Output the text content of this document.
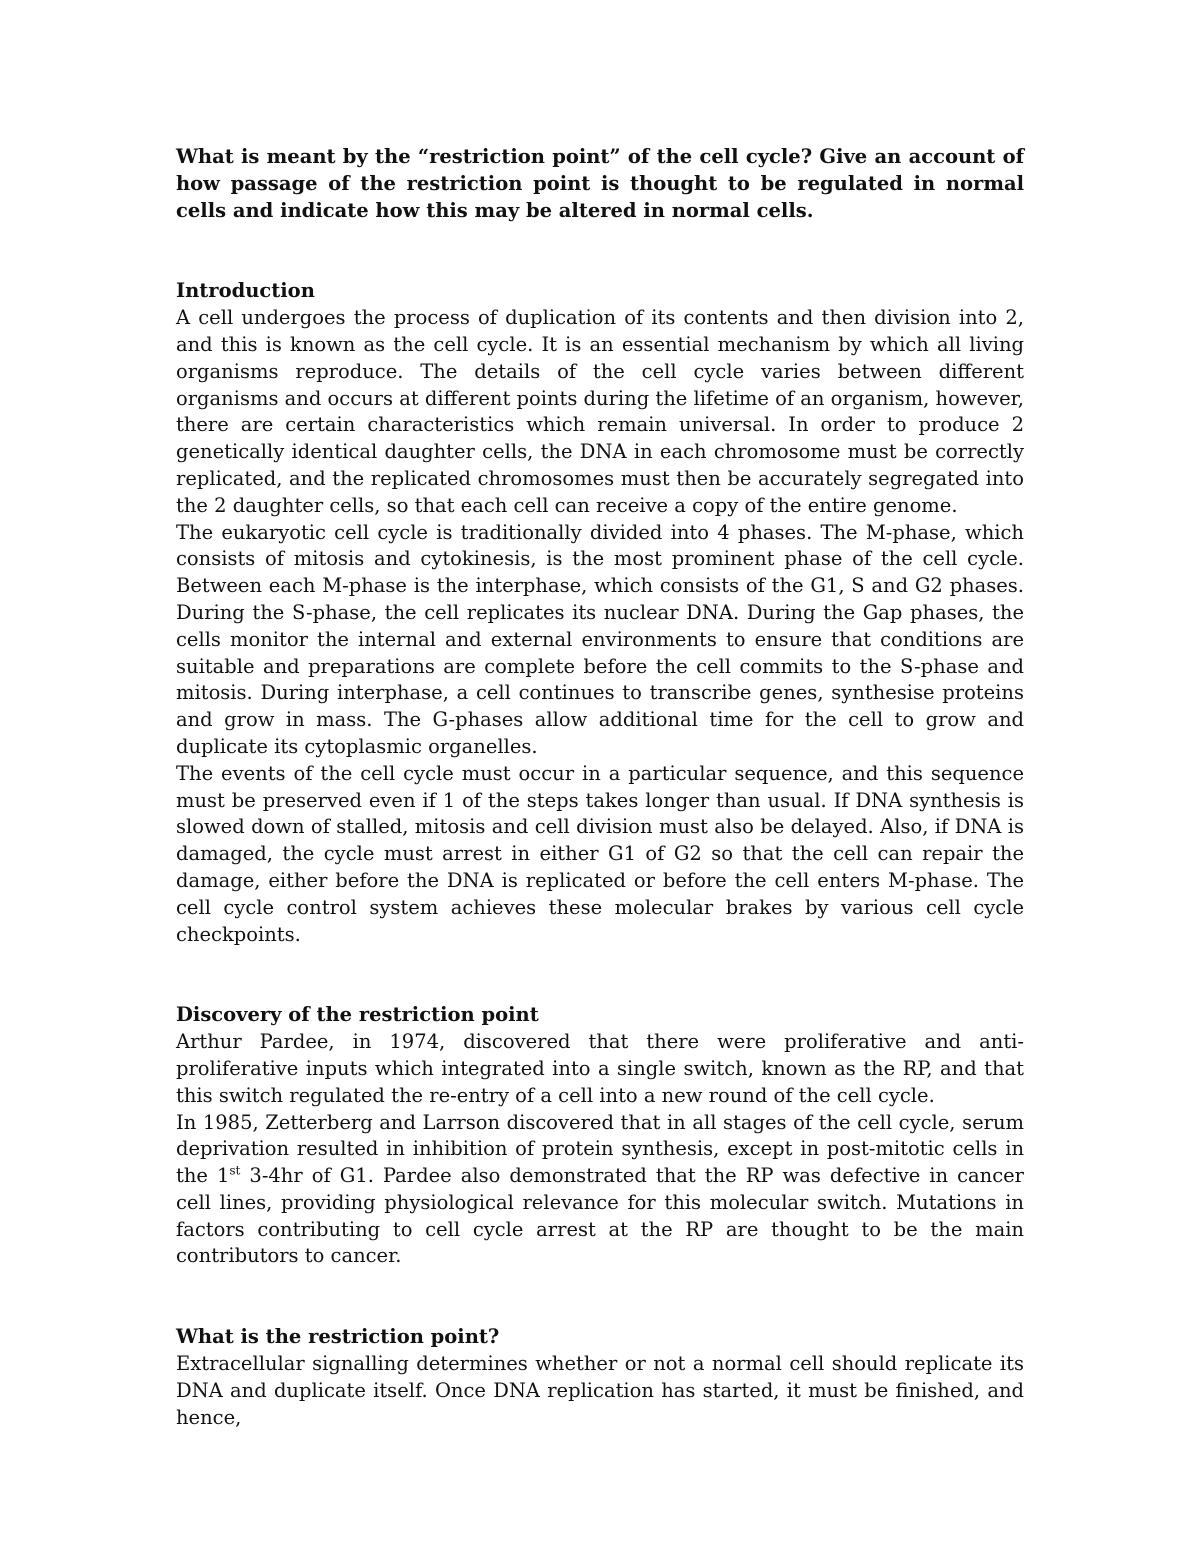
What is meant by the “restriction point” of the cell cycle? Give an account of how passage of the restriction point is thought to be regulated in normal cells and indicate how this may be altered in normal cells.

Introduction

A cell undergoes the process of duplication of its contents and then division into 2, and this is known as the cell cycle. It is an essential mechanism by which all living organisms reproduce. The details of the cell cycle varies between different organisms and occurs at different points during the lifetime of an organism, however, there are certain characteristics which remain universal. In order to produce 2 genetically identical daughter cells, the DNA in each chromosome must be correctly replicated, and the replicated chromosomes must then be accurately segregated into the 2 daughter cells, so that each cell can receive a copy of the entire genome.

The eukaryotic cell cycle is traditionally divided into 4 phases. The M-phase, which consists of mitosis and cytokinesis, is the most prominent phase of the cell cycle. Between each M-phase is the interphase, which consists of the G1, S and G2 phases. During the S-phase, the cell replicates its nuclear DNA. During the Gap phases, the cells monitor the internal and external environments to ensure that conditions are suitable and preparations are complete before the cell commits to the S-phase and mitosis. During interphase, a cell continues to transcribe genes, synthesise proteins and grow in mass. The G-phases allow additional time for the cell to grow and duplicate its cytoplasmic organelles.

The events of the cell cycle must occur in a particular sequence, and this sequence must be preserved even if 1 of the steps takes longer than usual. If DNA synthesis is slowed down of stalled, mitosis and cell division must also be delayed. Also, if DNA is damaged, the cycle must arrest in either G1 of G2 so that the cell can repair the damage, either before the DNA is replicated or before the cell enters M-phase. The cell cycle control system achieves these molecular brakes by various cell cycle checkpoints.

Discovery of the restriction point

Arthur Pardee, in 1974, discovered that there were proliferative and anti-proliferative inputs which integrated into a single switch, known as the RP, and that this switch regulated the re-entry of a cell into a new round of the cell cycle.

In 1985, Zetterberg and Larrson discovered that in all stages of the cell cycle, serum deprivation resulted in inhibition of protein synthesis, except in post-mitotic cells in the 1st 3-4hr of G1. Pardee also demonstrated that the RP was defective in cancer cell lines, providing physiological relevance for this molecular switch. Mutations in factors contributing to cell cycle arrest at the RP are thought to be the main contributors to cancer.

What is the restriction point?

Extracellular signalling determines whether or not a normal cell should replicate its DNA and duplicate itself. Once DNA replication has started, it must be finished, and hence,
